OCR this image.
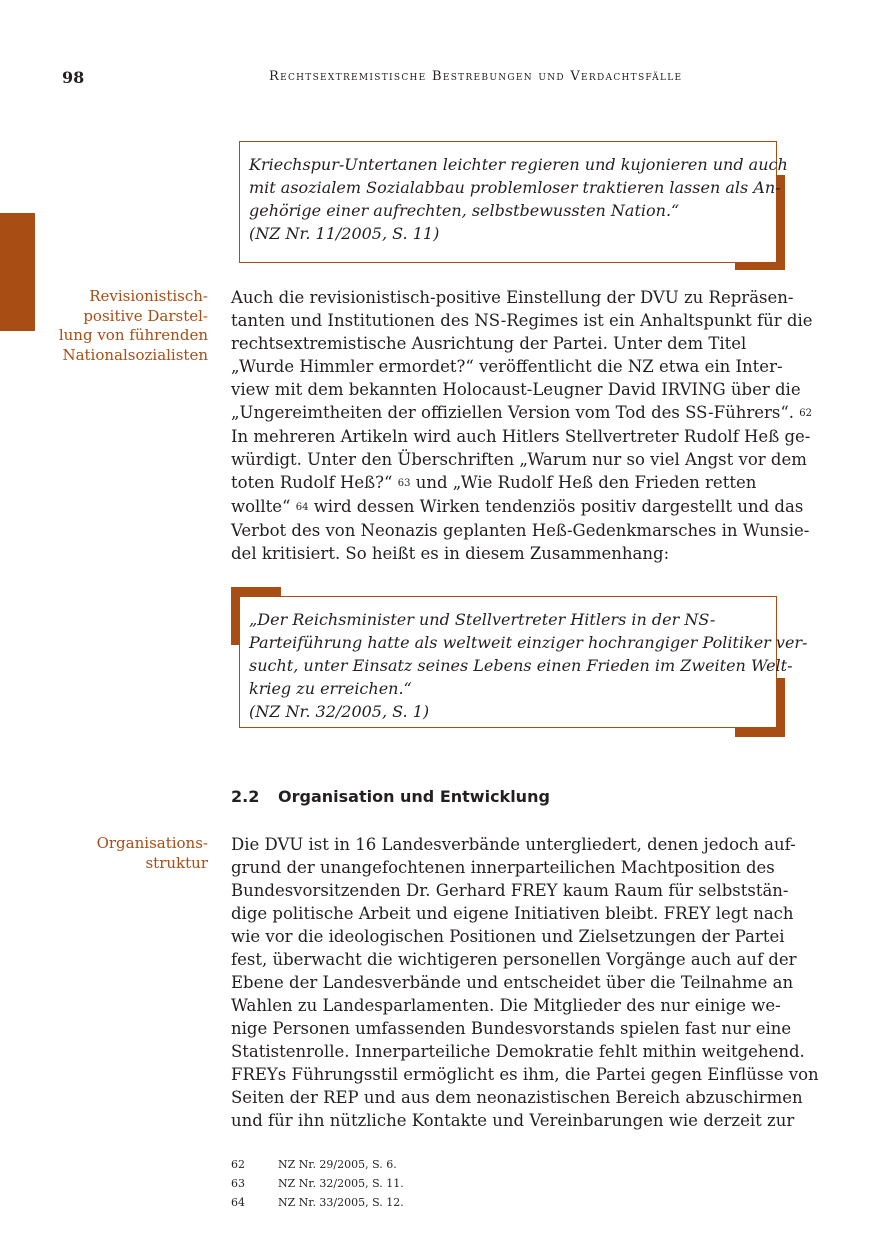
98	Rechtsextremistische Bestrebungen und Verdachtsfälle
Kriechspur-Untertanen leichter regieren und kujonieren und auch
mit asozialem Sozialabbau problemloser traktieren lassen als An-
gehörige einer aufrechten, selbstbewussten Nation.“
(NZ Nr. 11/2005, S. 11)
Revisionistisch-
positive Darstel-
lung von führenden
Nationalsozialisten
Auch die revisionistisch-positive Einstellung der DVU zu Repräsen-
tanten und Institutionen des NS-Regimes ist ein Anhaltspunkt für die
rechtsextremistische Ausrichtung der Partei. Unter dem Titel
„Wurde Himmler ermordet?“ veröffentlicht die NZ etwa ein Inter-
view mit dem bekannten Holocaust-Leugner David IRVING über die
„Ungereimtheiten der offiziellen Version vom Tod des SS-Führers“. 62
In mehreren Artikeln wird auch Hitlers Stellvertreter Rudolf Heß ge-
würdigt. Unter den Überschriften „Warum nur so viel Angst vor dem
toten Rudolf Heß?“ 63 und „Wie Rudolf Heß den Frieden retten
wollte“ 64 wird dessen Wirken tendenziös positiv dargestellt und das
Verbot des von Neonazis geplanten Heß-Gedenkmarsches in Wunsie-
del kritisiert. So heißt es in diesem Zusammenhang:
„Der Reichsminister und Stellvertreter Hitlers in der NS-
Parteiführung hatte als weltweit einziger hochrangiger Politiker ver-
sucht, unter Einsatz seines Lebens einen Frieden im Zweiten Welt-
krieg zu erreichen.“
(NZ Nr. 32/2005, S. 1)
2.2 Organisation und Entwicklung
Organisations-
struktur
Die DVU ist in 16 Landesverbände untergliedert, denen jedoch auf-
grund der unangefochtenen innerparteilichen Machtposition des
Bundesvorsitzenden Dr. Gerhard FREY kaum Raum für selbststän-
dige politische Arbeit und eigene Initiativen bleibt. FREY legt nach
wie vor die ideologischen Positionen und Zielsetzungen der Partei
fest, überwacht die wichtigeren personellen Vorgänge auch auf der
Ebene der Landesverbände und entscheidet über die Teilnahme an
Wahlen zu Landesparlamenten. Die Mitglieder des nur einige we-
nige Personen umfassenden Bundesvorstands spielen fast nur eine
Statistenrolle. Innerparteiliche Demokratie fehlt mithin weitgehend.
FREYs Führungsstil ermöglicht es ihm, die Partei gegen Einflüsse von
Seiten der REP und aus dem neonazistischen Bereich abzuschirmen
und für ihn nützliche Kontakte und Vereinbarungen wie derzeit zur
62	NZ Nr. 29/2005, S. 6.
63	NZ Nr. 32/2005, S. 11.
64	NZ Nr. 33/2005, S. 12.
